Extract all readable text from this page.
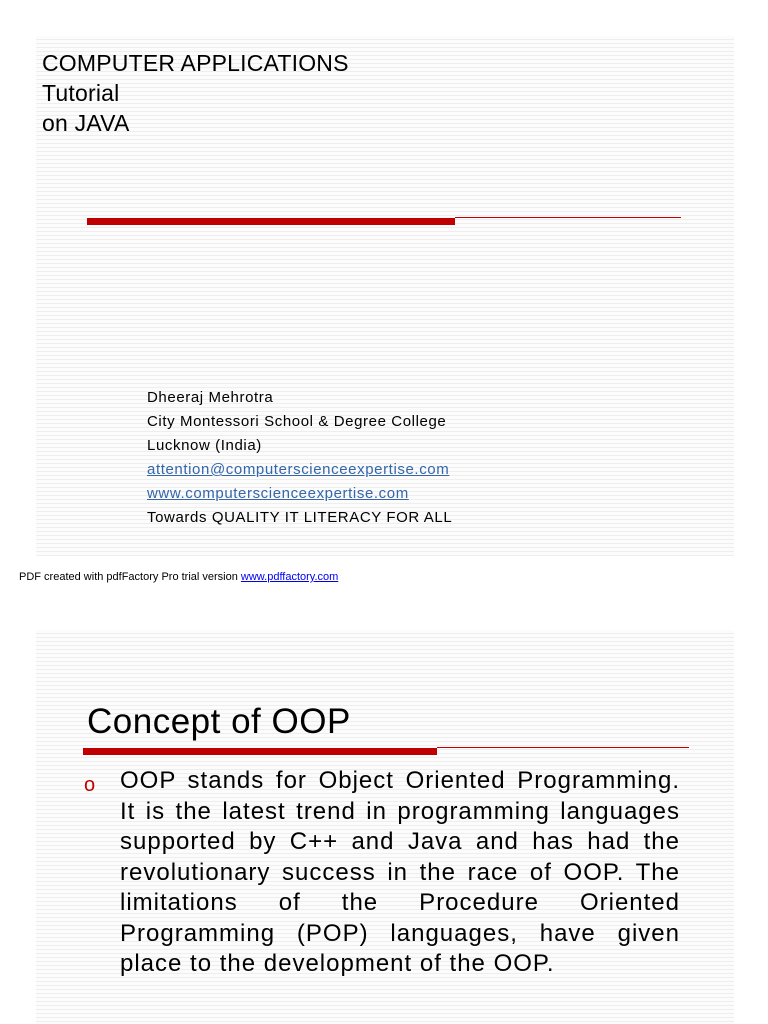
COMPUTER APPLICATIONS
Tutorial
on JAVA
Dheeraj Mehrotra
City Montessori School & Degree College
Lucknow (India)
attention@computerscienceexpertise.com
www.computerscienceexpertise.com
Towards QUALITY IT LITERACY FOR ALL
PDF created with pdfFactory Pro trial version www.pdffactory.com
Concept of OOP
o OOP stands for Object Oriented Programming. It is the latest trend in programming languages supported by C++ and Java and has had the revolutionary success in the race of OOP. The limitations of the Procedure Oriented Programming (POP) languages, have given place to the development of the OOP.
